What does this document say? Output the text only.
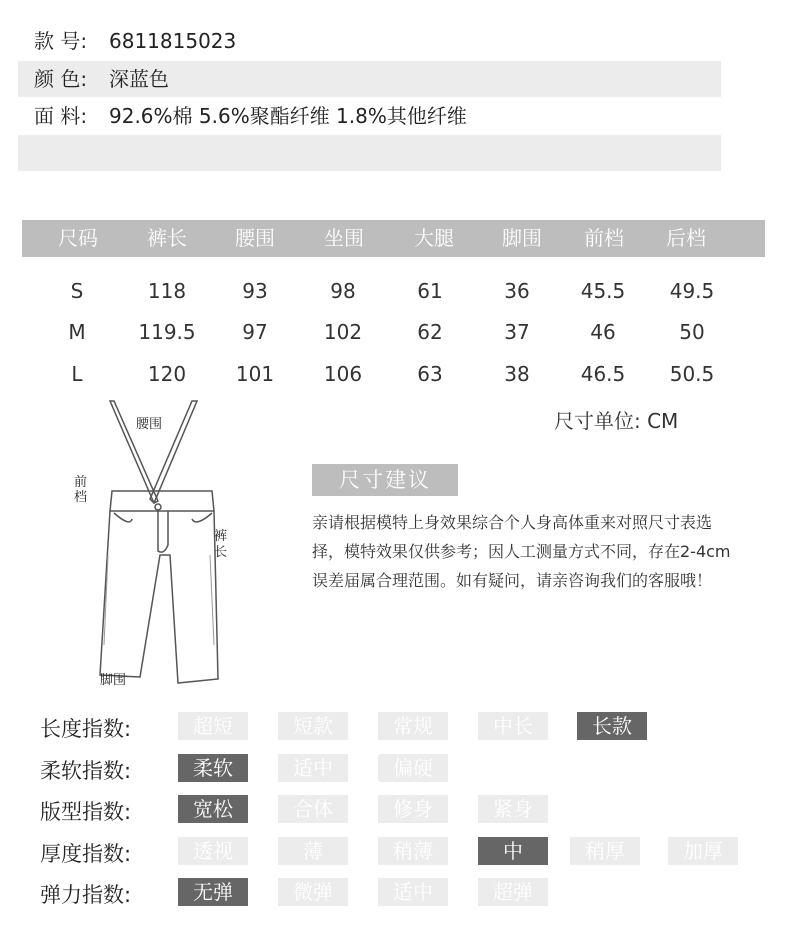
款 号: 6811815023
颜 色: 深蓝色
面 料: 92.6%棉 5.6%聚酯纤维 1.8%其他纤维
尺码 裤长 腰围 坐围	大腿 脚围 前档 后档
S	118	93	98	61	36	45.5 49.5
M	119.5 97	102	62	37	46	50
L	120 101 106	63	38	46.5 50.5
尺寸单位: CM
腰围
前
档
裤
长
脚围
尺寸建议
亲请根据模特上身效果综合个人身高体重来对照尺寸表选择，模特效果仅供参考；因人工测量方式不同，存在2-4cm误差届属合理范围。如有疑问，请亲咨询我们的客服哦！
长度指数:	超短	短款	常规	中长	长款
柔软指数:	柔软	适中	偏硬
版型指数:	宽松	合体	修身	紧身
厚度指数:	透视	薄	稍薄	中	稍厚	加厚
弹力指数:	无弹	微弹	适中	超弹
